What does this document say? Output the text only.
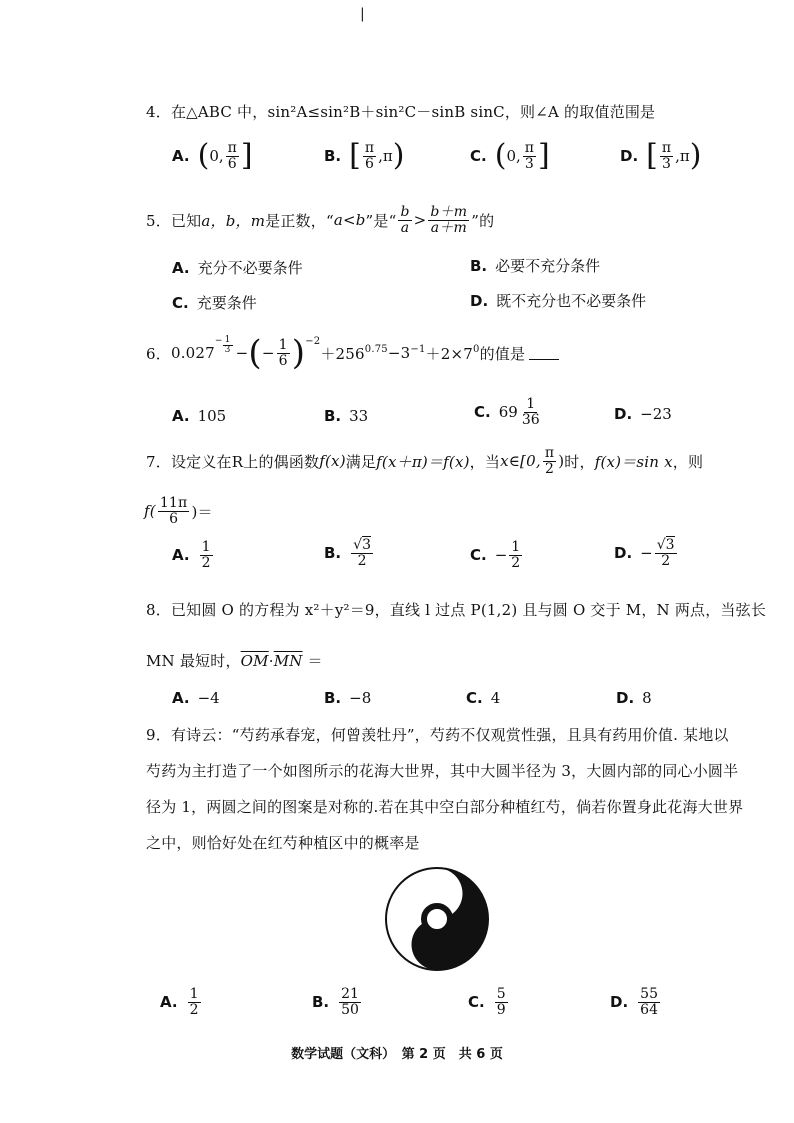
|
4．在△ABC 中，sin²A≤sin²B＋sin²C－sinB sinC，则∠A 的取值范围是
A. ( 0 , $\frac{\pi}{6}$ ]	B. [ $\frac{\pi}{6}$ , π )	C. ( 0 , $\frac{\pi}{3}$ ]	D. [ $\frac{\pi}{3}$ , π )
5．已知 a，b，m 是正数，“ a<b ”是“ $\frac{b}{a} > \frac{b+m}{a+m}$ ”的
A. 充分不必要条件	B. 必要不充分条件
C. 充要条件	D. 既不充分也不必要条件
6． 0.027
− $\frac{1}{3}$ − ( − $\frac{1}{6} )^{-2}$
$+256^{0.75} -3^{-1} +2\times 7^0$ 的值是
A. 105	B. 33	C. $69 \frac{1}{36}$	D. −23
7．设定义在R上的偶函数 f(x) 满足 f(x＋π)＝f(x) ，当 x∈[0, $\frac{\pi}{2}$ ) 时， f(x)＝sin x ，则
$f( \frac{11\pi}{6}$ )＝
A. $\frac{1}{2}$	B. $\frac{√3}{2}$	C. − $\frac{1}{2}$	D. − $\frac{√3}{2}$
8．已知圆 O 的方程为 x²＋y²＝9，直线 l 过点 P(1,2) 且与圆 O 交于 M，N 两点，当弦长
MN 最短时，$\overline{OM}\cdot\overline{MN}$ ＝
A. −4	B. −8	C. 4	D. 8
9．有诗云：“芍药承春宠，何曾羡牡丹”，芍药不仅观赏性强，且具有药用价值. 某地以
芍药为主打造了一个如图所示的花海大世界，其中大圆半径为 3，大圆内部的同心小圆半
径为 1，两圆之间的图案是对称的.若在其中空白部分种植红芍，倘若你置身此花海大世界
之中，则恰好处在红芍种植区中的概率是
A. $\frac{1}{2}$	B. $\frac{21}{50}$	C. $\frac{5}{9}$	D. $\frac{55}{64}$
数学试题（文科）　第 2 页　共 6 页
